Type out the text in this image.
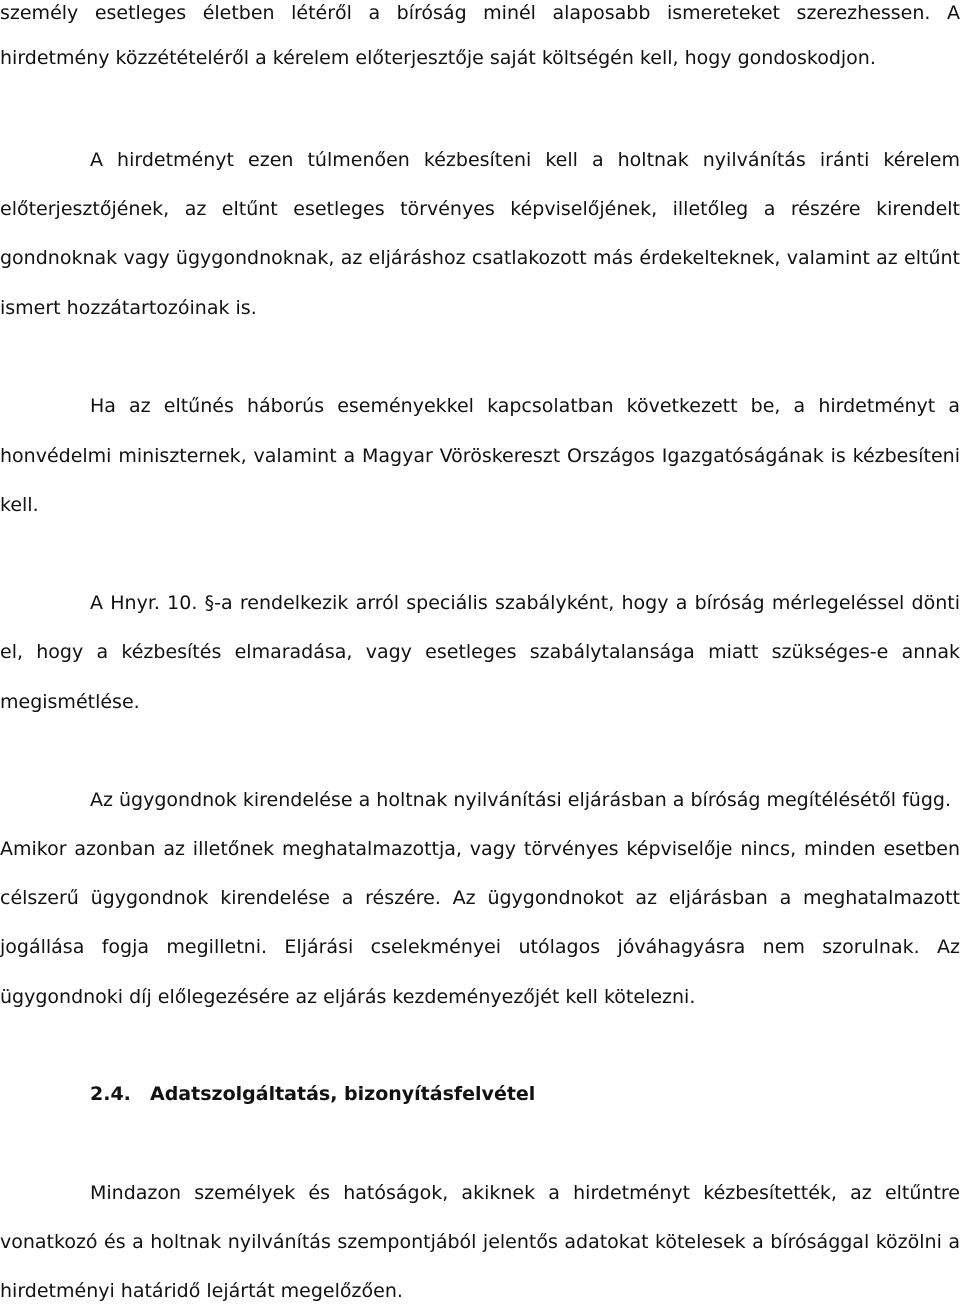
személy esetleges életben létéről a bíróság minél alaposabb ismereteket szerezhessen. A
hirdetmény közzétételéről a kérelem előterjesztője saját költségén kell, hogy gondoskodjon.
A hirdetményt ezen túlmenően kézbesíteni kell a holtnak nyilvánítás iránti kérelem
előterjesztőjének, az eltűnt esetleges törvényes képviselőjének, illetőleg a részére kirendelt
gondnoknak vagy ügygondnoknak, az eljáráshoz csatlakozott más érdekelteknek, valamint az eltűnt
ismert hozzátartozóinak is.
Ha az eltűnés háborús eseményekkel kapcsolatban következett be, a hirdetményt a
honvédelmi miniszternek, valamint a Magyar Vöröskereszt Országos Igazgatóságának is kézbesíteni
kell.
A Hnyr. 10. §-a rendelkezik arról speciális szabályként, hogy a bíróság mérlegeléssel dönti
el, hogy a kézbesítés elmaradása, vagy esetleges szabálytalansága miatt szükséges-e annak
megismétlése.
Az ügygondnok kirendelése a holtnak nyilvánítási eljárásban a bíróság megítélésétől függ.
Amikor azonban az illetőnek meghatalmazottja, vagy törvényes képviselője nincs, minden esetben
célszerű ügygondnok kirendelése a részére. Az ügygondnokot az eljárásban a meghatalmazott
jogállása fogja megilletni. Eljárási cselekményei utólagos jóváhagyásra nem szorulnak. Az
ügygondnoki díj előlegezésére az eljárás kezdeményezőjét kell kötelezni.
2.4. Adatszolgáltatás, bizonyításfelvétel
Mindazon személyek és hatóságok, akiknek a hirdetményt kézbesítették, az eltűntre
vonatkozó és a holtnak nyilvánítás szempontjából jelentős adatokat kötelesek a bírósággal közölni a
hirdetményi határidő lejártát megelőzően.
